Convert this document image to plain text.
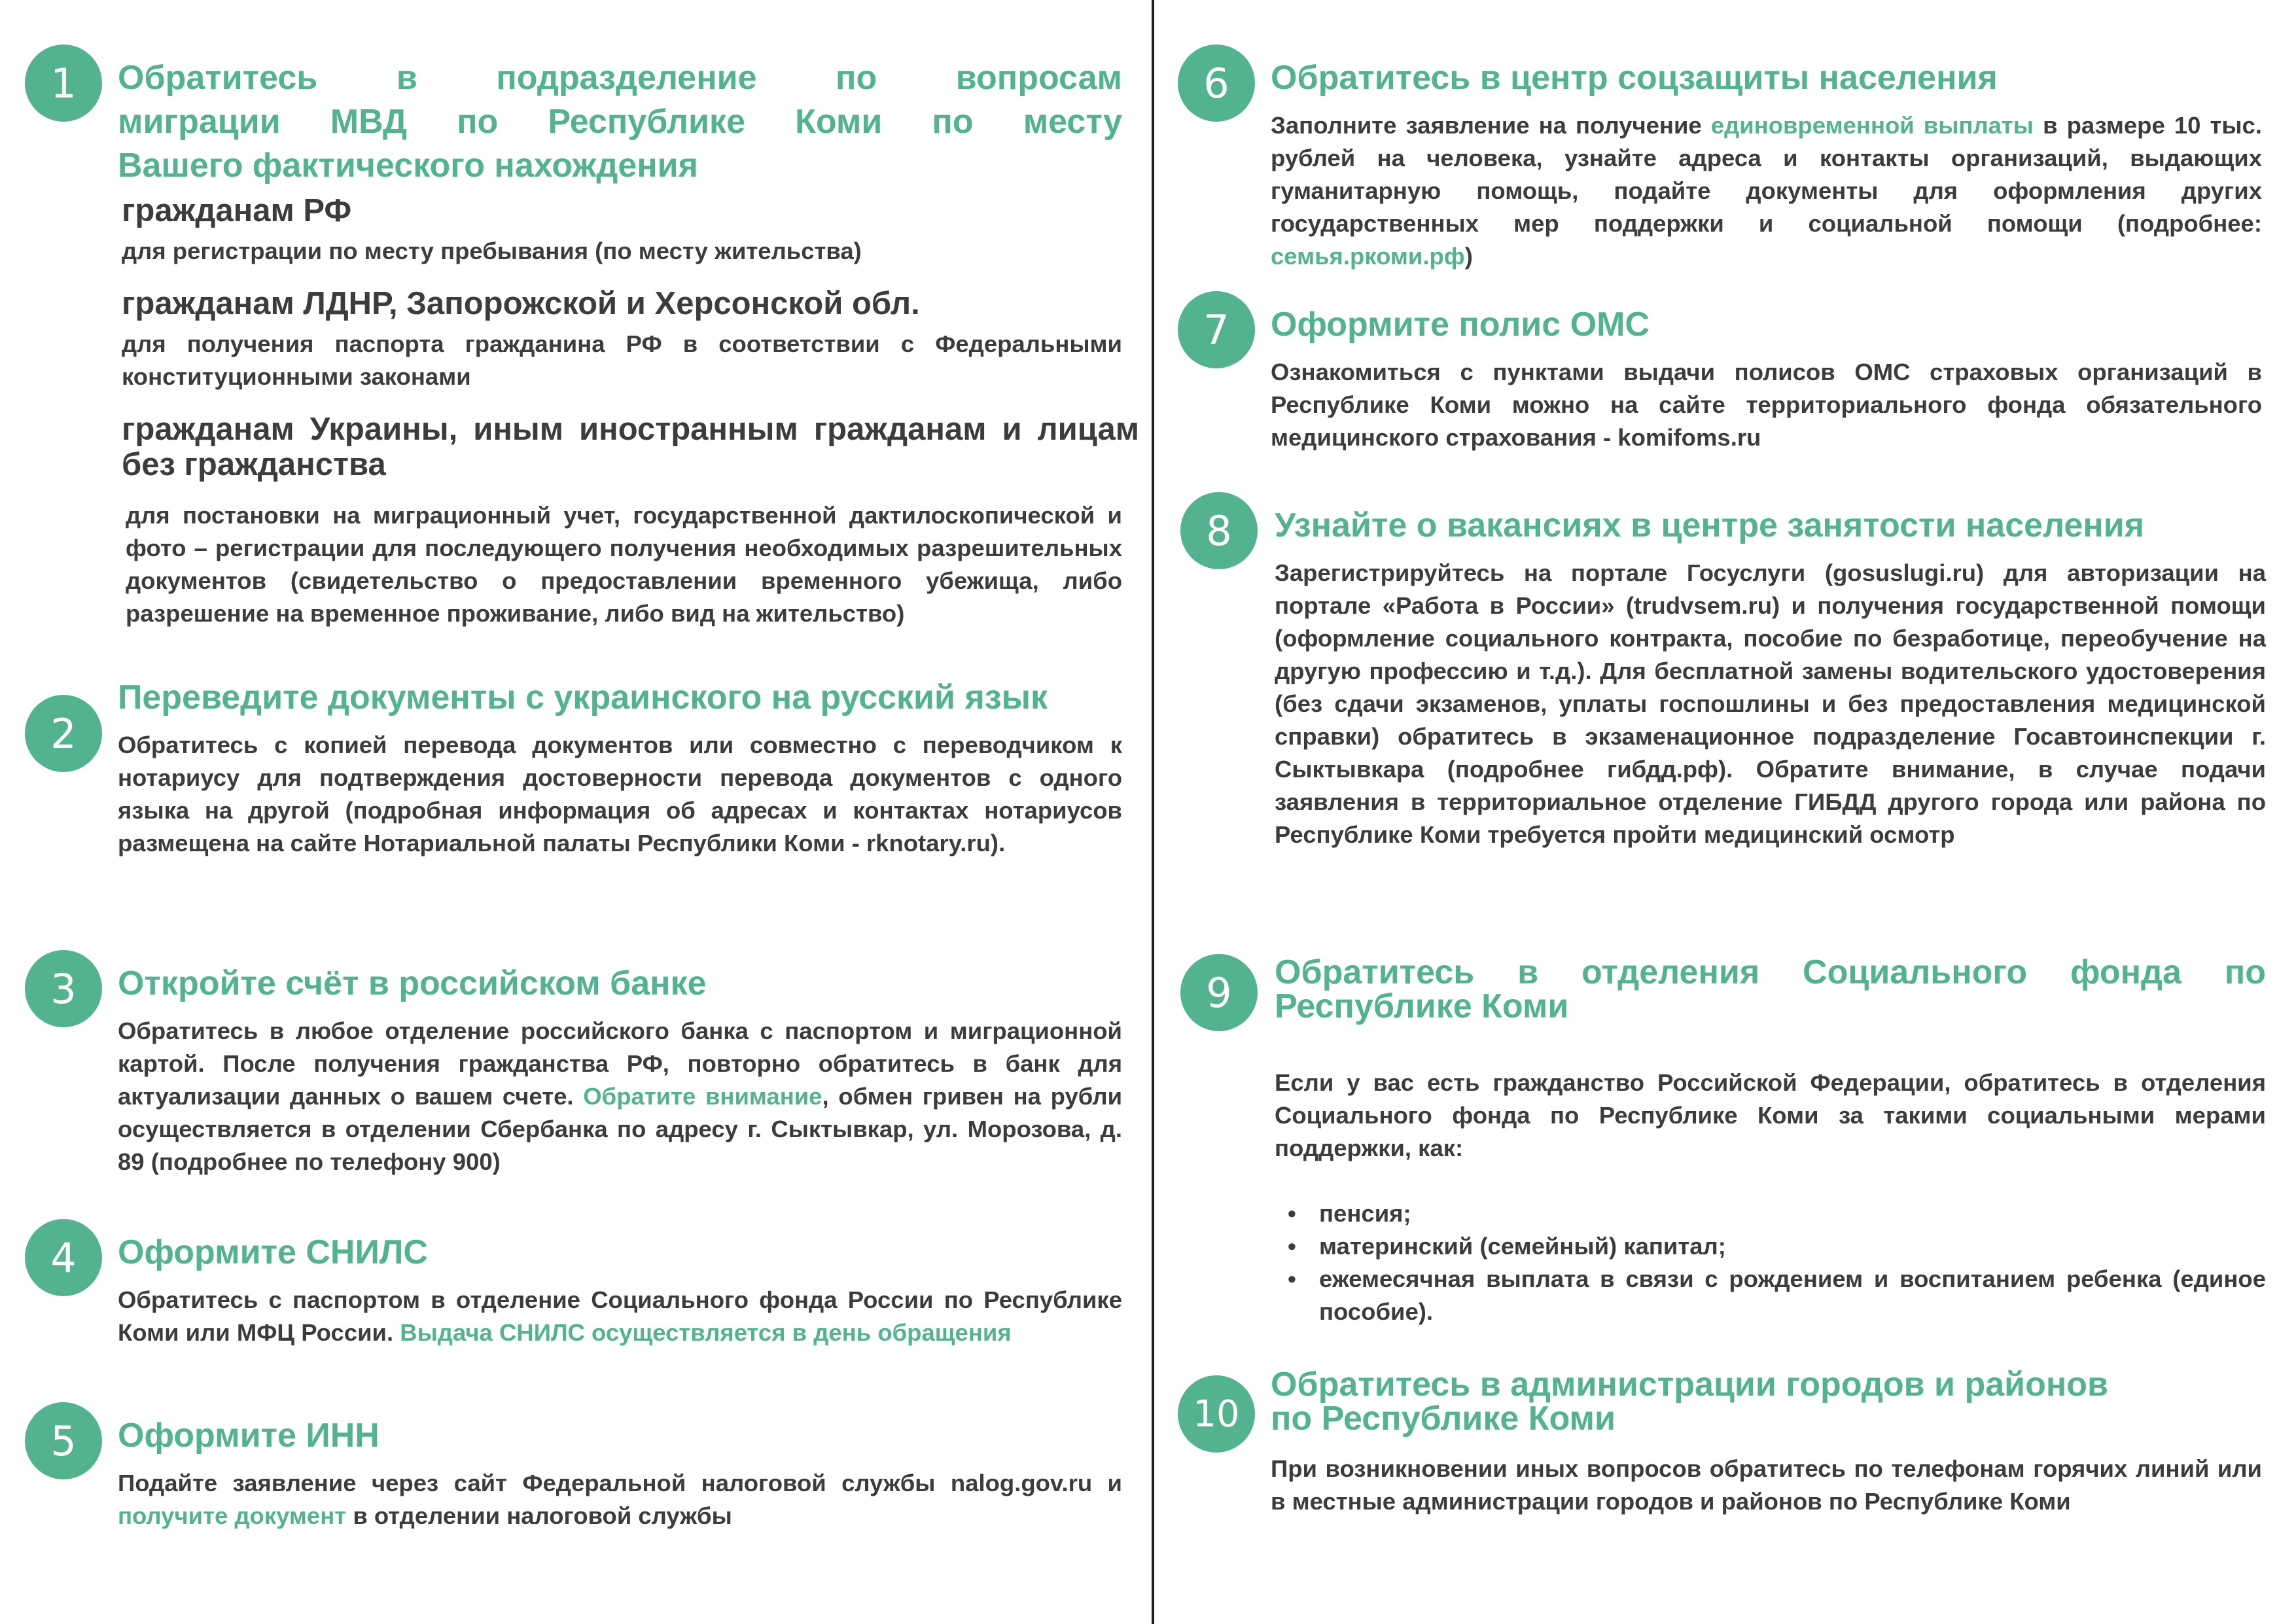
1	Обратитесь в подразделение по вопросам
миграции МВД по Республике Коми по месту
Вашего фактического нахождения
гражданам РФ

для регистрации по месту пребывания (по месту жительства)

гражданам ЛДНР, Запорожской и Херсонской обл.

для получения паспорта гражданина РФ в соответствии с Федеральными конституционными законами

гражданам Украины, иным иностранным гражданам и лицам без гражданства

для постановки на миграционный учет, государственной дактилоскопической и фото – регистрации для последующего получения необходимых разрешительных документов (свидетельство о предоставлении временного убежища, либо разрешение на временное проживание, либо вид на жительство)

2
Переведите документы с украинского на русский язык

Обратитесь с копией перевода документов или совместно с переводчиком к нотариусу для подтверждения достоверности перевода документов с одного языка на другой (подробная информация об адресах и контактах нотариусов размещена на сайте Нотариальной палаты Республики Коми - rknotary.ru).

3	Откройте счёт в российском банке

Обратитесь в любое отделение российского банка с паспортом и миграционной картой. После получения гражданства РФ, повторно обратитесь в банк для актуализации данных о вашем счете. Обратите внимание, обмен гривен на рубли осуществляется в отделении Сбербанка по адресу г. Сыктывкар, ул. Морозова, д. 89 (подробнее по телефону 900)

4	Оформите СНИЛС

Обратитесь с паспортом в отделение Социального фонда России по Республике Коми или МФЦ России. Выдача СНИЛС осуществляется в день обращения

5	Оформите ИНН

Подайте заявление через сайт Федеральной налоговой службы nalog.gov.ru и получите документ в отделении налоговой службы

6	Обратитесь в центр соцзащиты населения

Заполните заявление на получение единовременной выплаты в размере 10 тыс. рублей на человека, узнайте адреса и контакты организаций, выдающих гуманитарную помощь, подайте документы для оформления других государственных мер поддержки и социальной помощи (подробнее: семья.ркоми.рф)

7	Оформите полис ОМС

Ознакомиться с пунктами выдачи полисов ОМС страховых организаций в Республике Коми можно на сайте территориального фонда обязательного медицинского страхования - komifoms.ru

8	Узнайте о вакансиях в центре занятости населения

Зарегистрируйтесь на портале Госуслуги (gosuslugi.ru) для авторизации на портале «Работа в России» (trudvsem.ru) и получения государственной помощи (оформление социального контракта, пособие по безработице, переобучение на другую профессию и т.д.). Для бесплатной замены водительского удостоверения (без сдачи экзаменов, уплаты госпошлины и без предоставления медицинской справки) обратитесь в экзаменационное подразделение Госавтоинспекции г. Сыктывкара (подробнее гибдд.рф). Обратите внимание, в случае подачи заявления в территориальное отделение ГИБДД другого города или района по Республике Коми требуется пройти медицинский осмотр

9	Обратитесь в отделения Социального фонда по Республике Коми

Если у вас есть гражданство Российской Федерации, обратитесь в отделения Социального фонда по Республике Коми за такими социальными мерами поддержки, как:

• пенсия;
• материнский (семейный) капитал;
• ежемесячная выплата в связи с рождением и воспитанием ребенка (единое пособие).
10
Обратитесь в администрации городов и районов
по Республике Коми

При возникновении иных вопросов обратитесь по телефонам горячих линий или в местные администрации городов и районов по Республике Коми
